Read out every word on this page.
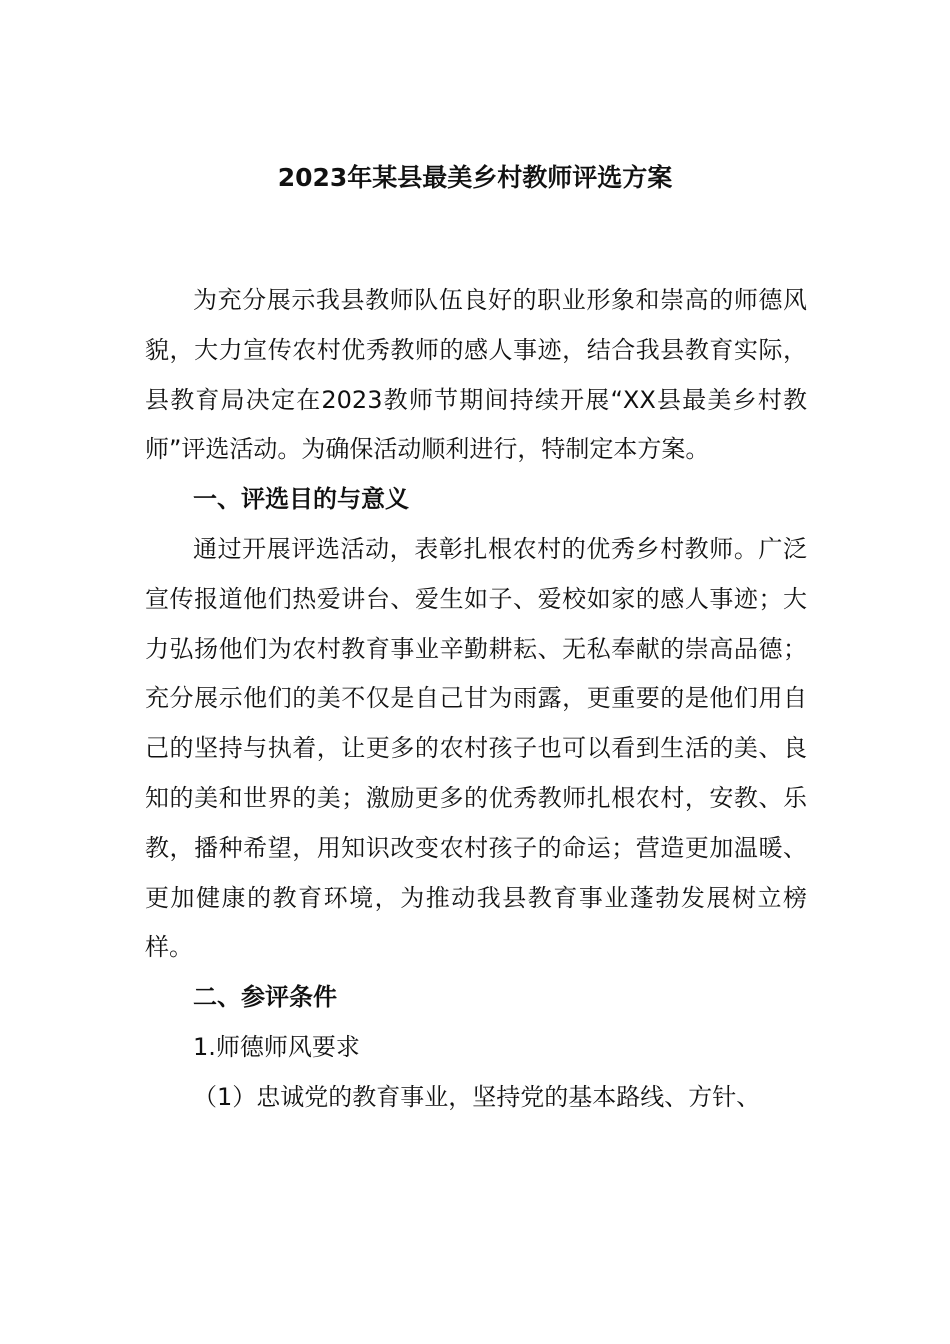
2023年某县最美乡村教师评选方案

为充分展示我县教师队伍良好的职业形象和崇高的师德风貌，大力宣传农村优秀教师的感人事迹，结合我县教育实际，县教育局决定在2023教师节期间持续开展“XX县最美乡村教师”评选活动。为确保活动顺利进行，特制定本方案。

一、评选目的与意义

通过开展评选活动，表彰扎根农村的优秀乡村教师。广泛宣传报道他们热爱讲台、爱生如子、爱校如家的感人事迹；大力弘扬他们为农村教育事业辛勤耕耘、无私奉献的崇高品德；充分展示他们的美不仅是自己甘为雨露，更重要的是他们用自己的坚持与执着，让更多的农村孩子也可以看到生活的美、良知的美和世界的美；激励更多的优秀教师扎根农村，安教、乐教，播种希望，用知识改变农村孩子的命运；营造更加温暖、更加健康的教育环境，为推动我县教育事业蓬勃发展树立榜样。

二、参评条件

1.师德师风要求

（1）忠诚党的教育事业，坚持党的基本路线、方针、
